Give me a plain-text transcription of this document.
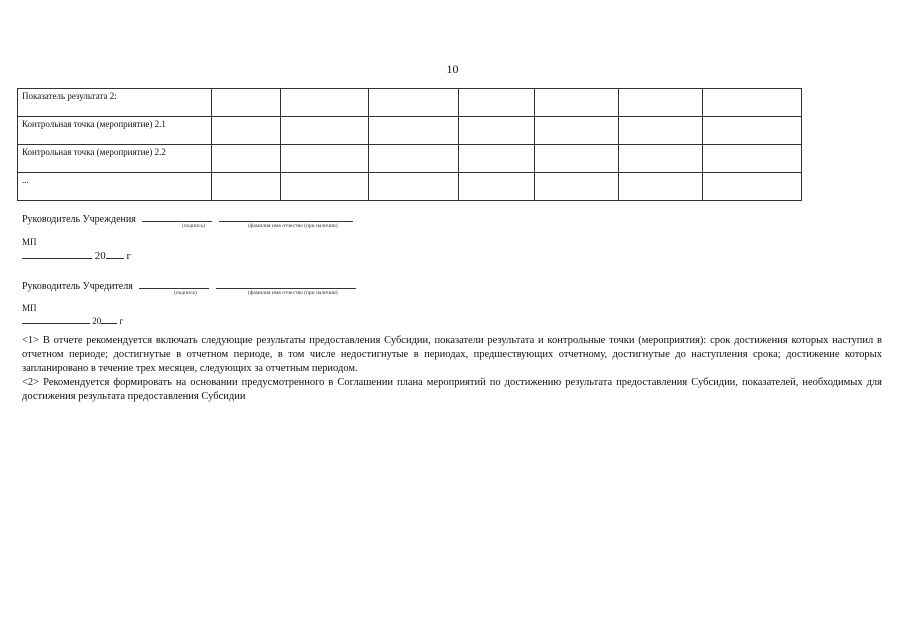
10
Показатель результата 2:							
Контрольная точка (мероприятие) 2.1							
Контрольная точка (мероприятие) 2.2							
...							
Руководитель Учреждения
(подпись)	(фамилия имя отчество (при наличии)
МП
20 г
Руководитель Учредителя
(подпись)	(фамилия имя отчество (при наличии)
МП
20 г

<1> В отчете рекомендуется включать следующие результаты предоставления Субсидии, показатели результата и контрольные точки (мероприятия): срок достижения которых наступил в отчетном периоде; достигнутые в отчетном периоде, в том числе недостигнутые в периодах, предшествующих отчетному, достигнутые до наступления срока; достижение которых запланировано в течение трех месяцев, следующих за отчетным периодом.

<2> Рекомендуется формировать на основании предусмотренного в Соглашении плана мероприятий по достижению результата предоставления Субсидии, показателей, необходимых для достижения результата предоставления Субсидии
